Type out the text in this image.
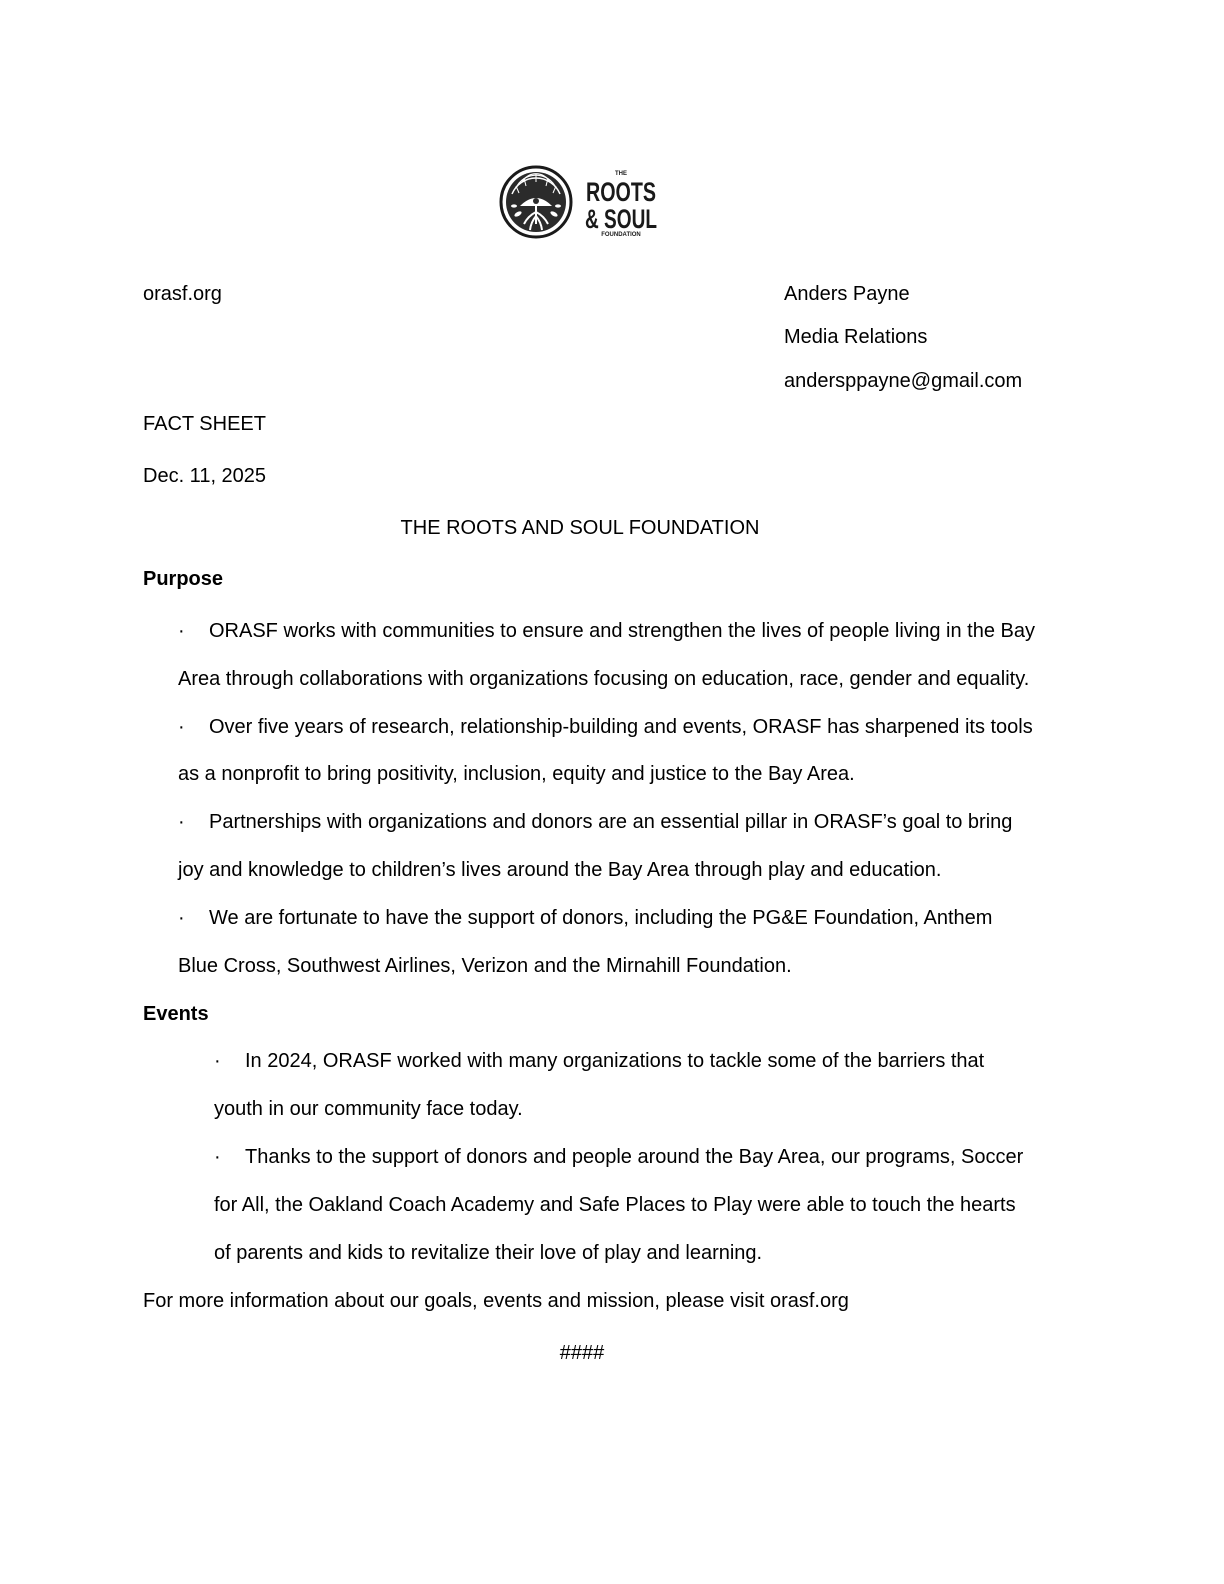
THE
ROOTS
& SOUL
FOUNDATION
orasf.org	Anders Payne
Media Relations
andersppayne@gmail.com
FACT SHEET
Dec. 11, 2025
THE ROOTS AND SOUL FOUNDATION
Purpose
· ORASF works with communities to ensure and strengthen the lives of people living in the Bay
Area through collaborations with organizations focusing on education, race, gender and equality.
· Over five years of research, relationship-building and events, ORASF has sharpened its tools
as a nonprofit to bring positivity, inclusion, equity and justice to the Bay Area.
· Partnerships with organizations and donors are an essential pillar in ORASF’s goal to bring
joy and knowledge to children’s lives around the Bay Area through play and education.
· We are fortunate to have the support of donors, including the PG&E Foundation, Anthem
Blue Cross, Southwest Airlines, Verizon and the Mirnahill Foundation.
Events
· In 2024, ORASF worked with many organizations to tackle some of the barriers that
youth in our community face today.
· Thanks to the support of donors and people around the Bay Area, our programs, Soccer
for All, the Oakland Coach Academy and Safe Places to Play were able to touch the hearts
of parents and kids to revitalize their love of play and learning.
For more information about our goals, events and mission, please visit orasf.org
####
